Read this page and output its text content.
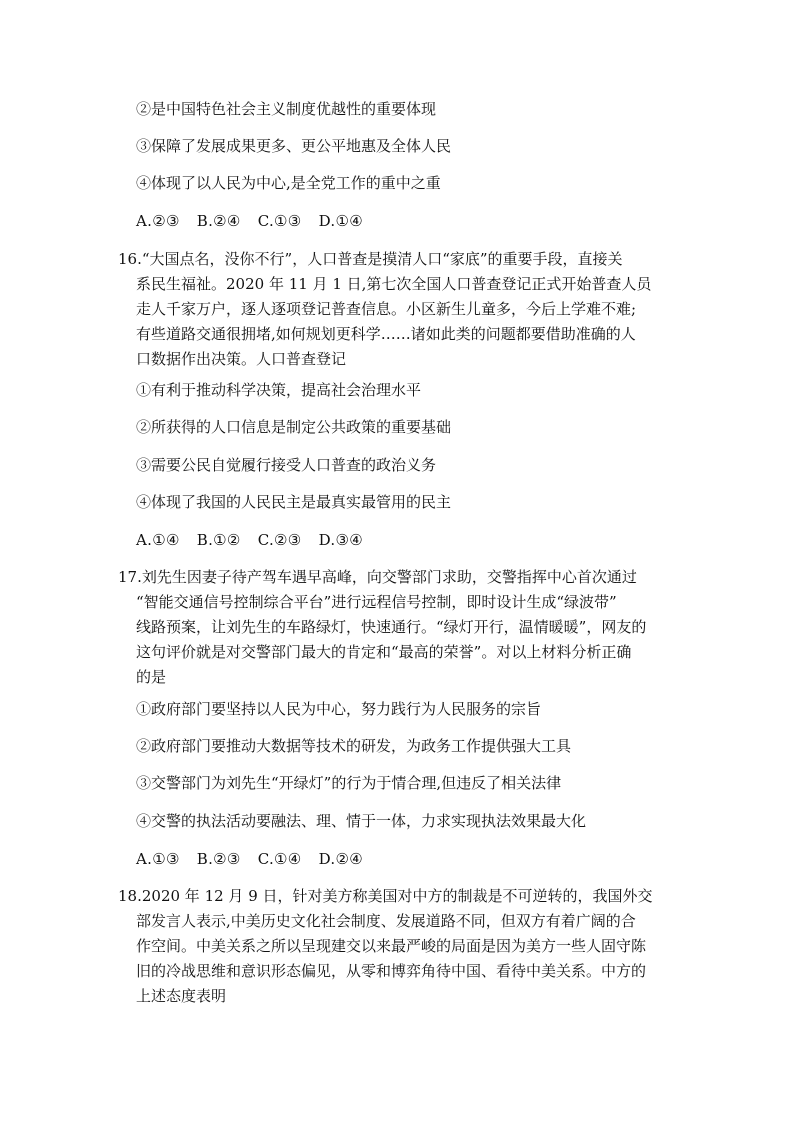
②是中国特色社会主义制度优越性的重要体现
③保障了发展成果更多、更公平地惠及全体人民
④体现了以人民为中心,是全党工作的重中之重
A.②③ B.②④ C.①③ D.①④
16.“大国点名，没你不行”，人口普查是摸清人口“家底”的重要手段，直接关
系民生福祉。2020 年 11 月 1 日,第七次全国人口普查登记正式开始普查人员
走人千家万户，逐人逐项登记普查信息。小区新生儿童多，今后上学难不难;
有些道路交通很拥堵,如何规划更科学……诸如此类的问题都要借助准确的人
口数据作出决策。人口普查登记
①有利于推动科学决策，提高社会治理水平
②所获得的人口信息是制定公共政策的重要基础
③需要公民自觉履行接受人口普查的政治义务
④体现了我国的人民民主是最真实最管用的民主
A.①④ B.①② C.②③ D.③④
17.刘先生因妻子待产驾车遇早高峰，向交警部门求助，交警指挥中心首次通过
“智能交通信号控制综合平台”进行远程信号控制，即时设计生成“绿波带”
线路预案，让刘先生的车路绿灯，快速通行。“绿灯开行，温情暖暖”，网友的
这句评价就是对交警部门最大的肯定和“最高的荣誉”。对以上材料分析正确
的是
①政府部门要坚持以人民为中心，努力践行为人民服务的宗旨
②政府部门要推动大数据等技术的研发，为政务工作提供强大工具
③交警部门为刘先生“开绿灯”的行为于情合理,但违反了相关法律
④交警的执法活动要融法、理、情于一体，力求实现执法效果最大化
A.①③ B.②③ C.①④ D.②④
18.2020 年 12 月 9 日，针对美方称美国对中方的制裁是不可逆转的，我国外交
部发言人表示,中美历史文化社会制度、发展道路不同，但双方有着广阔的合
作空间。中美关系之所以呈现建交以来最严峻的局面是因为美方一些人固守陈
旧的冷战思维和意识形态偏见，从零和博弈角待中国、看待中美关系。中方的
上述态度表明
